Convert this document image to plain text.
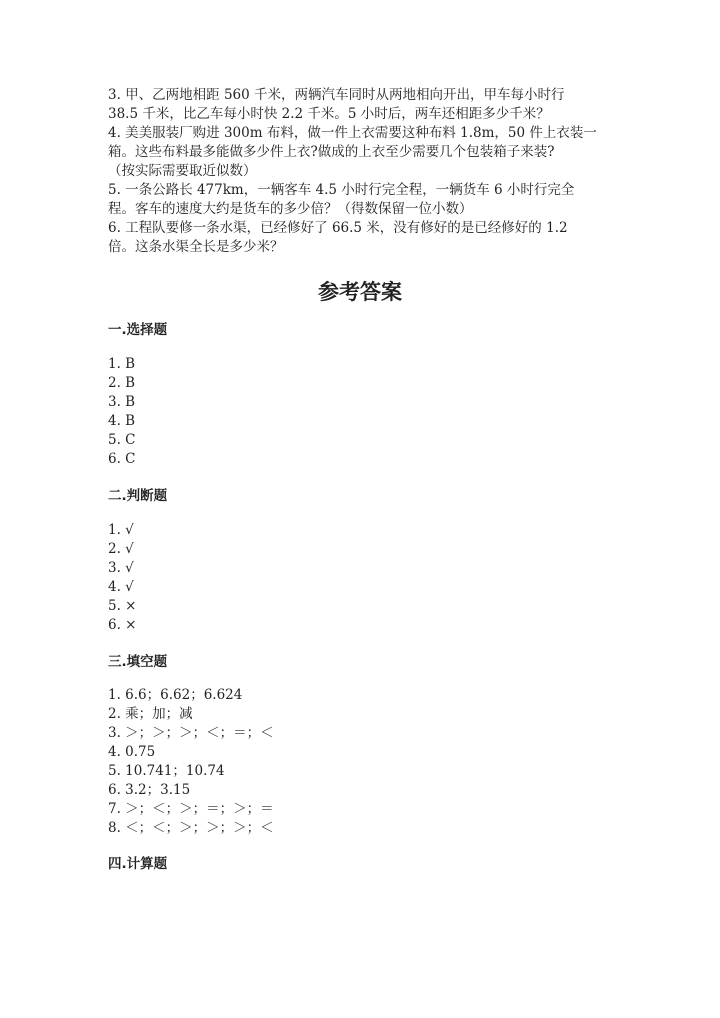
3. 甲、乙两地相距 560 千米，两辆汽车同时从两地相向开出，甲车每小时行
38.5 千米，比乙车每小时快 2.2 千米。5 小时后，两车还相距多少千米？
4. 美美服装厂购进 300m 布料，做一件上衣需要这种布料 1.8m，50 件上衣装一
箱。这些布料最多能做多少件上衣?做成的上衣至少需要几个包装箱子来装?
（按实际需要取近似数）
5. 一条公路长 477km，一辆客车 4.5 小时行完全程，一辆货车 6 小时行完全
程。客车的速度大约是货车的多少倍？（得数保留一位小数）
6. 工程队要修一条水渠，已经修好了 66.5 米，没有修好的是已经修好的 1.2
倍。这条水渠全长是多少米？
参考答案
一.选择题
1. B
2. B
3. B
4. B
5. C
6. C
二.判断题
1. √
2. √
3. √
4. √
5. ×
6. ×
三.填空题
1. 6.6；6.62；6.624
2. 乘；加；减
3. ＞；＞；＞；＜；＝；＜
4. 0.75
5. 10.741；10.74
6. 3.2；3.15
7. ＞；＜；＞；＝；＞；＝
8. ＜；＜；＞；＞；＞；＜
四.计算题
